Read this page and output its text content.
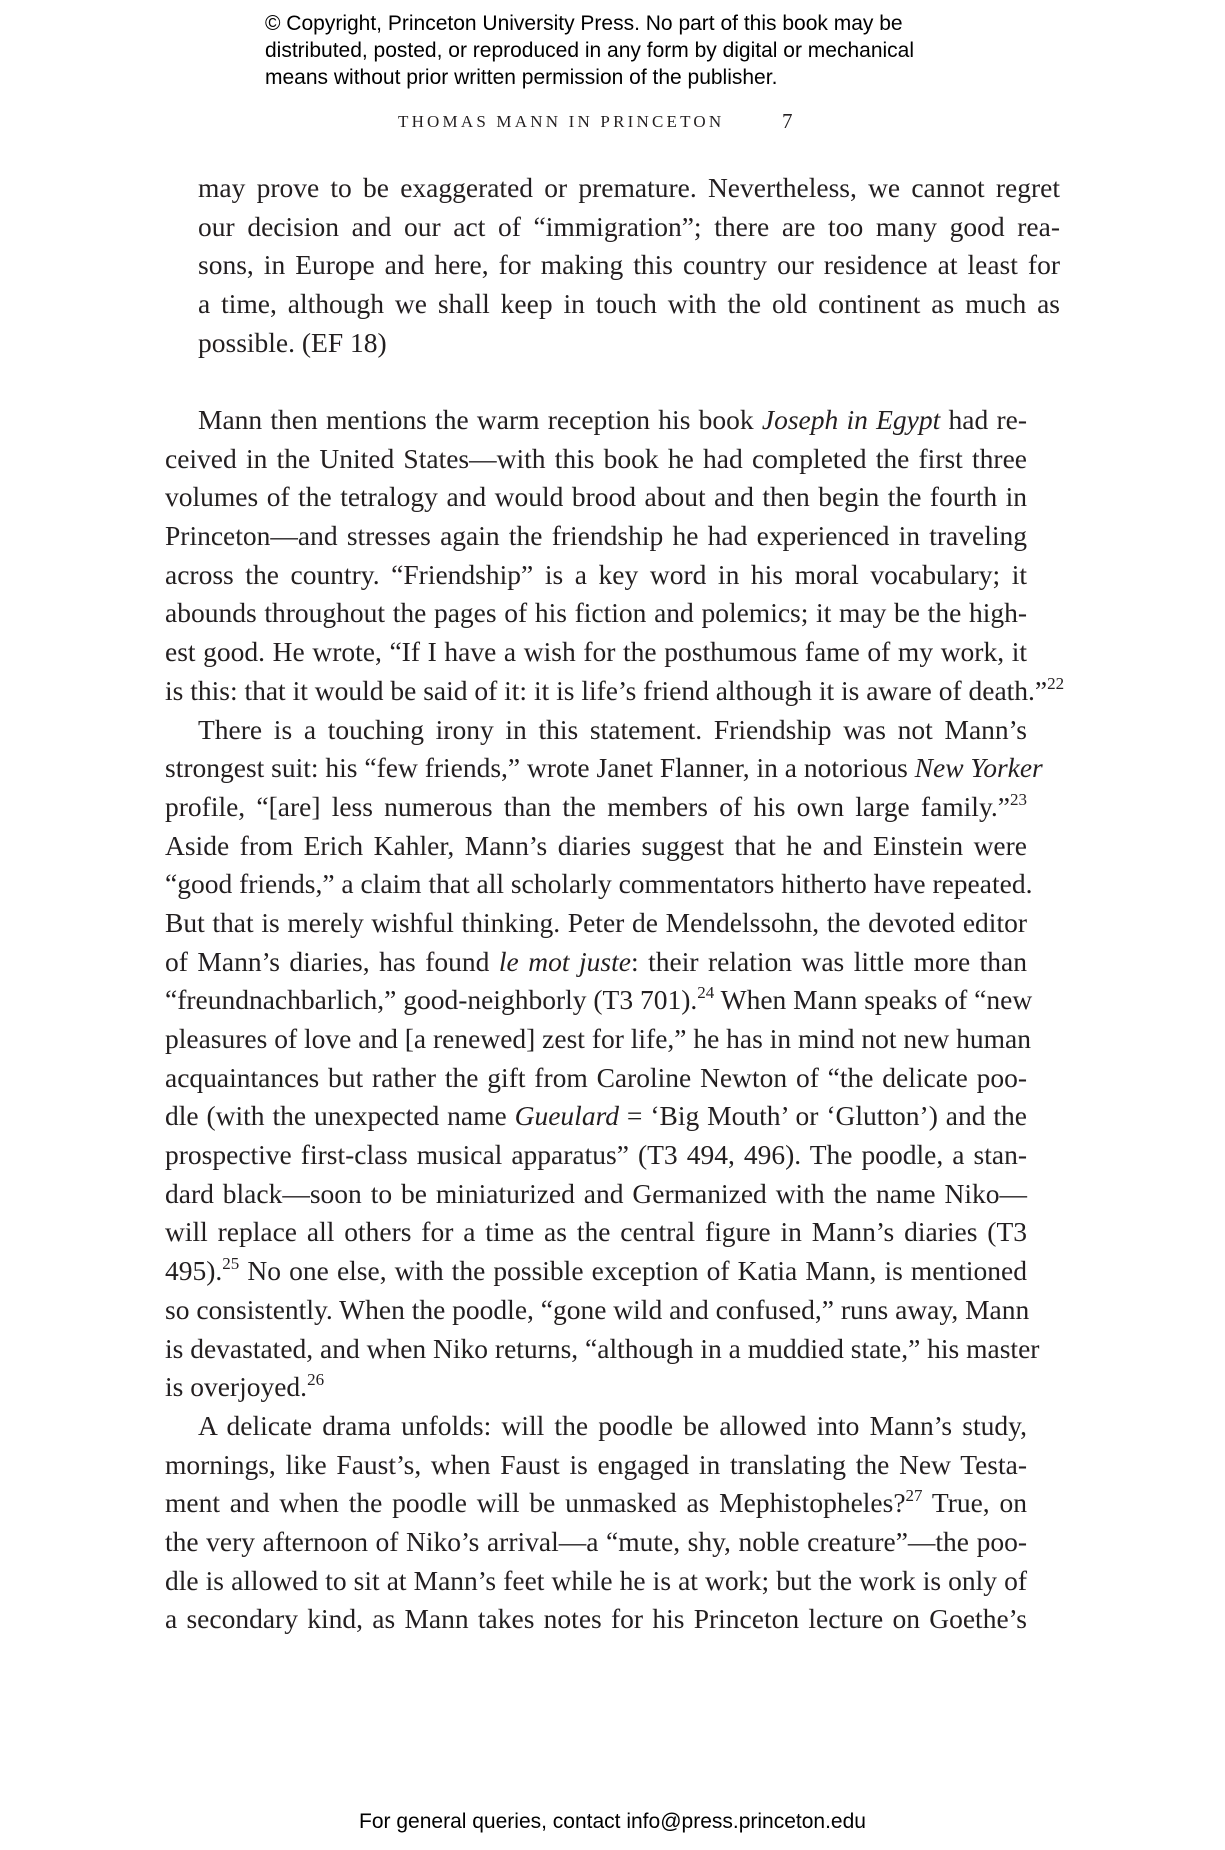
© Copyright, Princeton University Press. No part of this book may be
distributed, posted, or reproduced in any form by digital or mechanical
means without prior written permission of the publisher.
THOMAS MANN IN PRINCETON	7
may prove to be exaggerated or premature. Nevertheless, we cannot regret
our decision and our act of “immigration”; there are too many good rea-
sons, in Europe and here, for making this country our residence at least for
a time, although we shall keep in touch with the old continent as much as
possible. (EF 18)
Mann then mentions the warm reception his book Joseph in Egypt had re-
ceived in the United States—with this book he had completed the first three
volumes of the tetralogy and would brood about and then begin the fourth in
Princeton—and stresses again the friendship he had experienced in traveling
across the country. “Friendship” is a key word in his moral vocabulary; it
abounds throughout the pages of his fiction and polemics; it may be the high-
est good. He wrote, “If I have a wish for the posthumous fame of my work, it
is this: that it would be said of it: it is life’s friend although it is aware of death.”$^{22}$
There is a touching irony in this statement. Friendship was not Mann’s
strongest suit: his “few friends,” wrote Janet Flanner, in a notorious New Yorker
profile, “[are] less numerous than the members of his own large family.”$^{23}$
Aside from Erich Kahler, Mann’s diaries suggest that he and Einstein were
“good friends,” a claim that all scholarly commentators hitherto have repeated.
But that is merely wishful thinking. Peter de Mendelssohn, the devoted editor
of Mann’s diaries, has found le mot juste: their relation was little more than
“freundnachbarlich,” good-neighborly (T3 701).$^{24}$ When Mann speaks of “new
pleasures of love and [a renewed] zest for life,” he has in mind not new human
acquaintances but rather the gift from Caroline Newton of “the delicate poo-
dle (with the unexpected name Gueulard = ‘Big Mouth’ or ‘Glutton’) and the
prospective first-class musical apparatus” (T3 494, 496). The poodle, a stan-
dard black—soon to be miniaturized and Germanized with the name Niko—
will replace all others for a time as the central figure in Mann’s diaries (T3
495).$^{25}$ No one else, with the possible exception of Katia Mann, is mentioned
so consistently. When the poodle, “gone wild and confused,” runs away, Mann
is devastated, and when Niko returns, “although in a muddied state,” his master
is overjoyed.$^{26}$
A delicate drama unfolds: will the poodle be allowed into Mann’s study,
mornings, like Faust’s, when Faust is engaged in translating the New Testa-
ment and when the poodle will be unmasked as Mephistopheles?$^{27}$ True, on
the very afternoon of Niko’s arrival—a “mute, shy, noble creature”—the poo-
dle is allowed to sit at Mann’s feet while he is at work; but the work is only of
a secondary kind, as Mann takes notes for his Princeton lecture on Goethe’s
For general queries, contact info@press.princeton.edu
